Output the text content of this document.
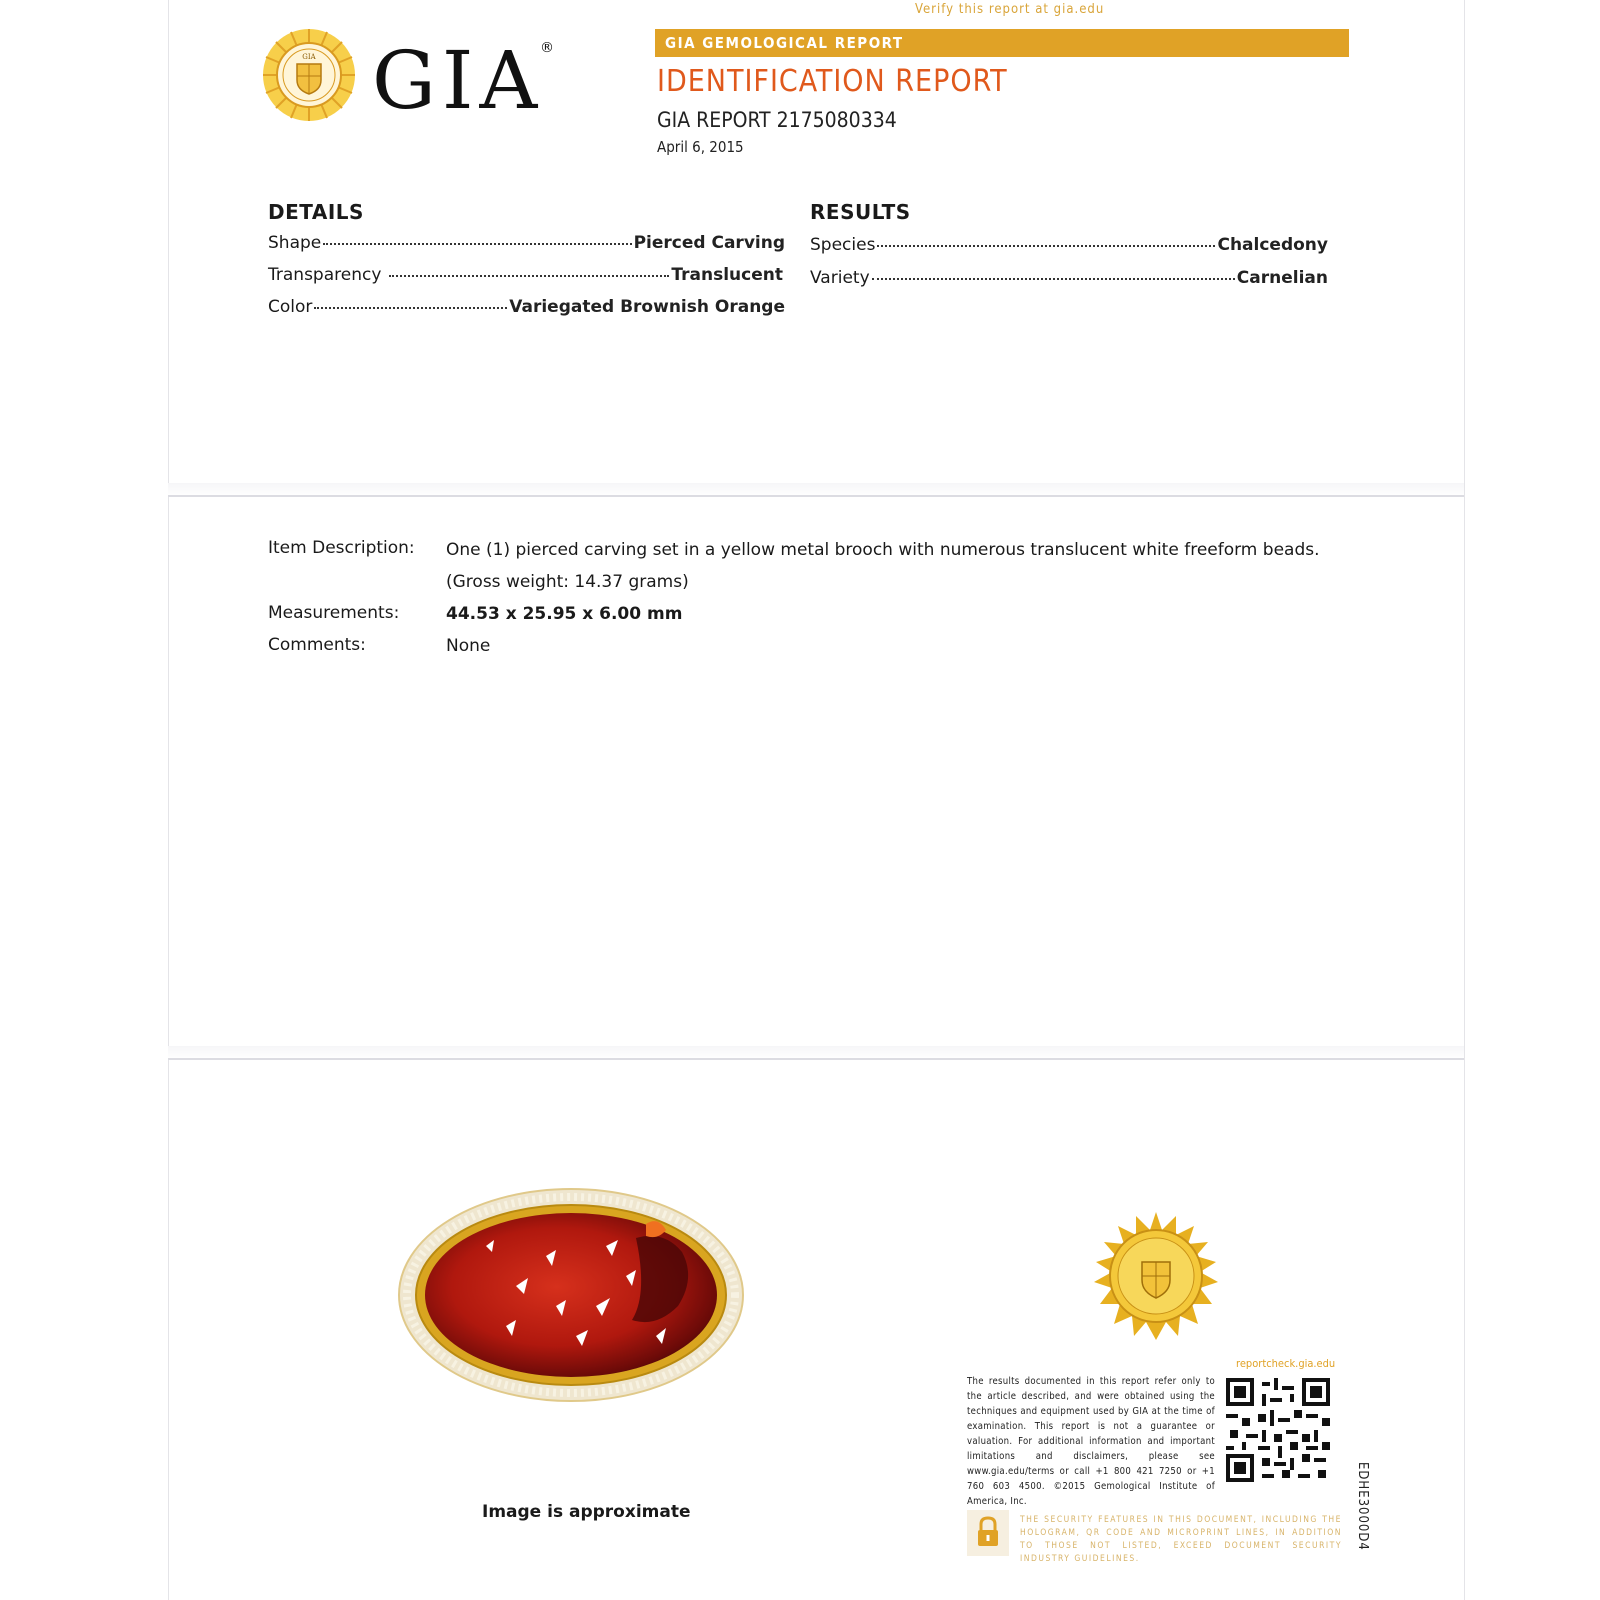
GIA GIA
®
Verify this report at gia.edu
GIA GEMOLOGICAL REPORT
IDENTIFICATION REPORT
GIA REPORT 2175080334
April 6, 2015
DETAILS
Shape	Pierced Carving
Transparency	Translucent
Color	Variegated Brownish Orange
RESULTS
Species	Chalcedony
Variety	Carnelian
Item Description: One (1) pierced carving set in a yellow metal brooch with numerous translucent white freeform beads.
(Gross weight: 14.37 grams)
Measurements:	44.53 x 25.95 x 6.00 mm
Comments:	None
Image is approximate
reportcheck.gia.edu
The results documented in this report refer only to the article described, and were obtained using the techniques and equipment used by GIA at the time of examination. This report is not a guarantee or valuation. For additional information and important limitations and disclaimers, please see www.gia.edu/terms or call +1 800 421 7250 or +1 760 603 4500. ©2015 Gemological Institute of America, Inc.
THE SECURITY FEATURES IN THIS DOCUMENT, INCLUDING THE HOLOGRAM, QR CODE AND MICROPRINT LINES, IN ADDITION TO THOSE NOT LISTED, EXCEED DOCUMENT SECURITY INDUSTRY GUIDELINES.
EDHE3000D4
